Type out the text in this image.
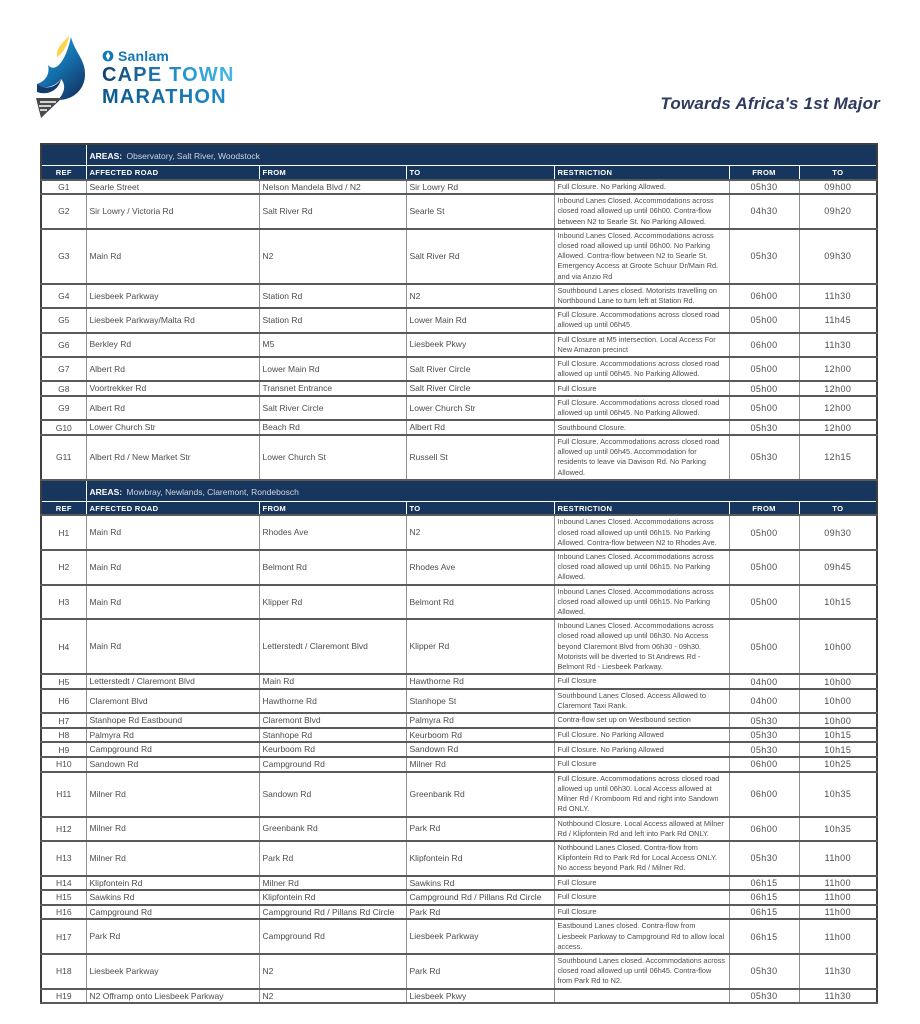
Sanlam
CAPE TOWN
MARATHON	Towards Africa's 1st Major
	AREAS: Observatory, Salt River, Woodstock					
REF	AFFECTED ROAD	FROM	TO	RESTRICTION	FROM	TO
G1	Searle Street	Nelson Mandela Blvd / N2	Sir Lowry Rd	Full Closure. No Parking Allowed.	05h30	09h00
G2	Sir Lowry / Victoria Rd	Salt River Rd	Searle St	Inbound Lanes Closed. Accommodations across closed road allowed up until 06h00. Contra-flow between N2 to Searle St. No Parking Allowed.	04h30	09h20
G3	Main Rd	N2	Salt River Rd	Inbound Lanes Closed. Accommodations across closed road allowed up until 06h00. No Parking Allowed. Contra-flow between N2 to Searle St. Emergency Access at Groote Schuur Dr/Main Rd. and via Anzio Rd	05h30	09h30
G4	Liesbeek Parkway	Station Rd	N2	Southbound Lanes closed. Motorists travelling on Northbound Lane to turn left at Station Rd.	06h00	11h30
G5	Liesbeek Parkway/Malta Rd	Station Rd	Lower Main Rd	Full Closure. Accommodations across closed road allowed up until 06h45	05h00	11h45
G6	Berkley Rd	M5	Liesbeek Pkwy	Full Closure at M5 intersection. Local Access For New Amazon precinct	06h00	11h30
G7	Albert Rd	Lower Main Rd	Salt River Circle	Full Closure. Accommodations across closed road allowed up until 06h45. No Parking Allowed.	05h00	12h00
G8	Voortrekker Rd	Transnet Entrance	Salt River Circle	Full Closure	05h00	12h00
G9	Albert Rd	Salt River Circle	Lower Church Str	Full Closure. Accommodations across closed road allowed up until 06h45. No Parking Allowed.	05h00	12h00
G10	Lower Church Str	Beach Rd	Albert Rd	Southbound Closure.	05h30	12h00
G11	Albert Rd / New Market Str	Lower Church St	Russell St	Full Closure. Accommodations across closed road allowed up until 06h45. Accommodation for residents to leave via Davison Rd. No Parking Allowed.	05h30	12h15
	AREAS: Mowbray, Newlands, Claremont, Rondebosch					
REF	AFFECTED ROAD	FROM	TO	RESTRICTION	FROM	TO
H1	Main Rd	Rhodes Ave	N2	Inbound Lanes Closed. Accommodations across closed road allowed up until 06h15. No Parking Allowed. Contra-flow between N2 to Rhodes Ave.	05h00	09h30
H2	Main Rd	Belmont Rd	Rhodes Ave	Inbound Lanes Closed. Accommodations across closed road allowed up until 06h15. No Parking Allowed.	05h00	09h45
H3	Main Rd	Klipper Rd	Belmont Rd	Inbound Lanes Closed. Accommodations across closed road allowed up until 06h15. No Parking Allowed.	05h00	10h15
H4	Main Rd	Letterstedt / Claremont Blvd	Klipper Rd	Inbound Lanes Closed. Accommodations across closed road allowed up until 06h30. No Access beyond Claremont Blvd from 06h30 - 09h30. Motorists will be diverted to St Andrews Rd - Belmont Rd - Liesbeek Parkway.	05h00	10h00
H5	Letterstedt / Claremont Blvd	Main Rd	Hawthorne Rd	Full Closure	04h00	10h00
H6	Claremont Blvd	Hawthorne Rd	Stanhope St	Southbound Lanes Closed. Access Allowed to Claremont Taxi Rank.	04h00	10h00
H7	Stanhope Rd Eastbound	Claremont Blvd	Palmyra Rd	Contra-flow set up on Westbound section	05h30	10h00
H8	Palmyra Rd	Stanhope Rd	Keurboom Rd	Full Closure. No Parking Allowed	05h30	10h15
H9	Campground Rd	Keurboom Rd	Sandown Rd	Full Closure. No Parking Allowed	05h30	10h15
H10	Sandown Rd	Campground Rd	Milner Rd	Full Closure	06h00	10h25
H11	Milner Rd	Sandown Rd	Greenbank Rd	Full Closure. Accommodations across closed road allowed up until 06h30. Local Access allowed at Milner Rd / Kromboom Rd and right into Sandown Rd ONLY.	06h00	10h35
H12	Milner Rd	Greenbank Rd	Park Rd	Nothbound Closure. Local Access allowed at Milner Rd / Klipfontein Rd and left into Park Rd ONLY.	06h00	10h35
H13	Milner Rd	Park Rd	Klipfontein Rd	Nothbound Lanes Closed. Contra-flow from Klipfontein Rd to Park Rd for Local Access ONLY. No access beyond Park Rd / Milner Rd.	05h30	11h00
H14	Klipfontein Rd	Milner Rd	Sawkins Rd	Full Closure	06h15	11h00
H15	Sawkins Rd	Klipfontein Rd	Campground Rd / Pillans Rd Circle	Full Closure	06h15	11h00
H16	Campground Rd	Campground Rd / Pillans Rd Circle	Park Rd	Full Closure	06h15	11h00
H17	Park Rd	Campground Rd	Liesbeek Parkway	Eastbound Lanes closed. Contra-flow from Liesbeek Parkway to Campground Rd to allow local access.	06h15	11h00
H18	Liesbeek Parkway	N2	Park Rd	Southbound Lanes closed. Accommodations across closed road allowed up until 06h45. Contra-flow from Park Rd to N2.	05h30	11h30
H19	N2 Offramp onto Liesbeek Parkway	N2	Liesbeek Pkwy		05h30	11h30
